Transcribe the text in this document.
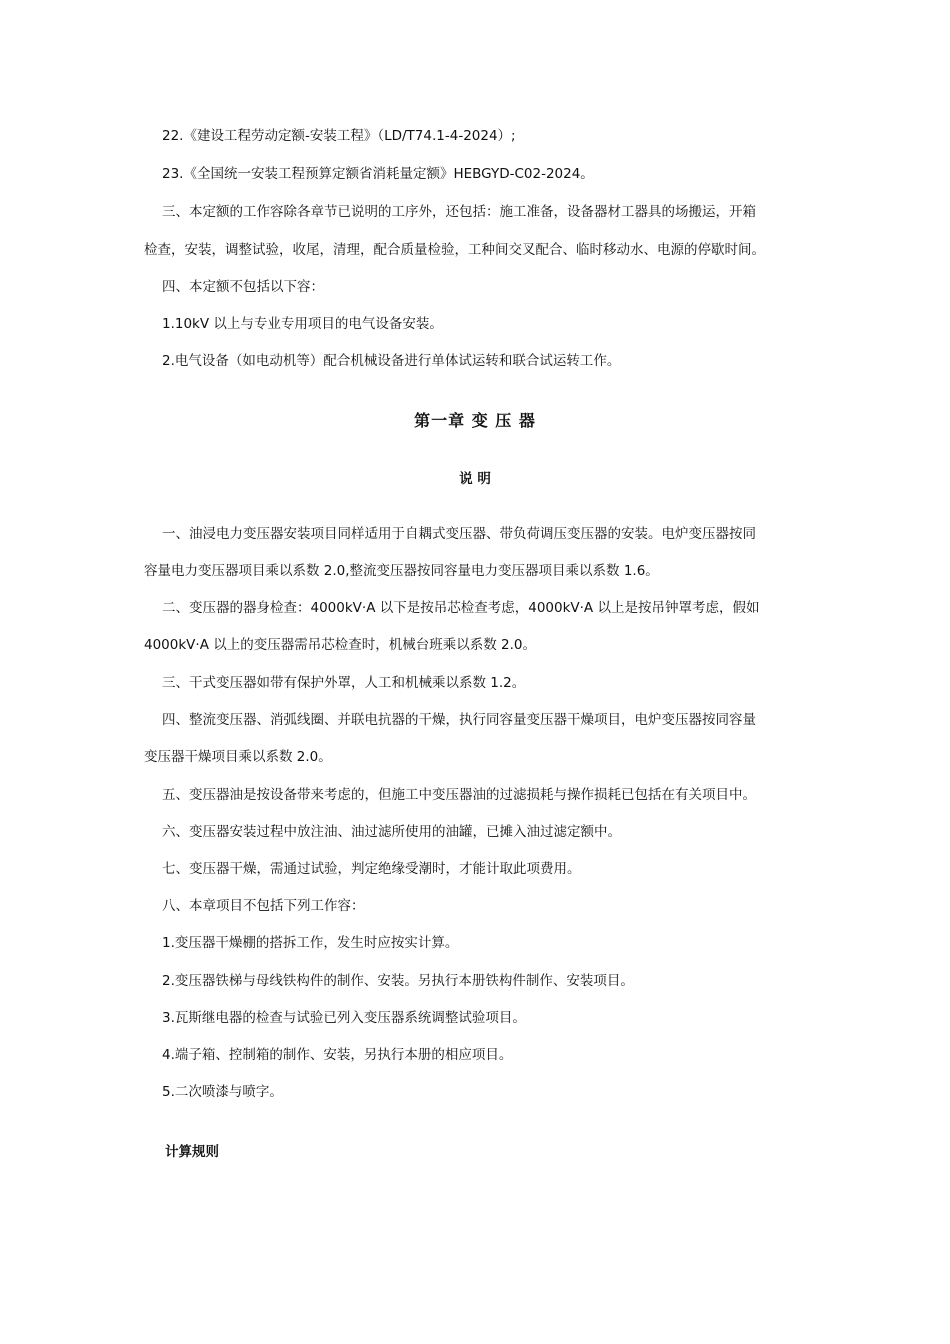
22.《建设工程劳动定额-安装工程》（LD/T74.1-4-2024）;
23.《全国统一安装工程预算定额省消耗量定额》HEBGYD-C02-2024。
三、本定额的工作容除各章节已说明的工序外，还包括：施工准备，设备器材工器具的场搬运，开箱
检查，安装，调整试验，收尾，清理，配合质量检验，工种间交叉配合、临时移动水、电源的停歇时间。
四、本定额不包括以下容：
1.10kV 以上与专业专用项目的电气设备安装。
2.电气设备（如电动机等）配合机械设备进行单体试运转和联合试运转工作。
第一章 变 压 器
说 明
一、油浸电力变压器安装项目同样适用于自耦式变压器、带负荷调压变压器的安装。电炉变压器按同
容量电力变压器项目乘以系数 2.0,整流变压器按同容量电力变压器项目乘以系数 1.6。
二、变压器的器身检查：4000kV·A 以下是按吊芯检查考虑，4000kV·A 以上是按吊钟罩考虑，假如
4000kV·A 以上的变压器需吊芯检查时，机械台班乘以系数 2.0。
三、干式变压器如带有保护外罩，人工和机械乘以系数 1.2。
四、整流变压器、消弧线圈、并联电抗器的干燥，执行同容量变压器干燥项目，电炉变压器按同容量
变压器干燥项目乘以系数 2.0。
五、变压器油是按设备带来考虑的，但施工中变压器油的过滤损耗与操作损耗已包括在有关项目中。
六、变压器安装过程中放注油、油过滤所使用的油罐，已摊入油过滤定额中。
七、变压器干燥，需通过试验，判定绝缘受潮时，才能计取此项费用。
八、本章项目不包括下列工作容：
1.变压器干燥棚的搭拆工作，发生时应按实计算。
2.变压器铁梯与母线铁构件的制作、安装。另执行本册铁构件制作、安装项目。
3.瓦斯继电器的检查与试验已列入变压器系统调整试验项目。
4.端子箱、控制箱的制作、安装，另执行本册的相应项目。
5.二次喷漆与喷字。
计算规则
